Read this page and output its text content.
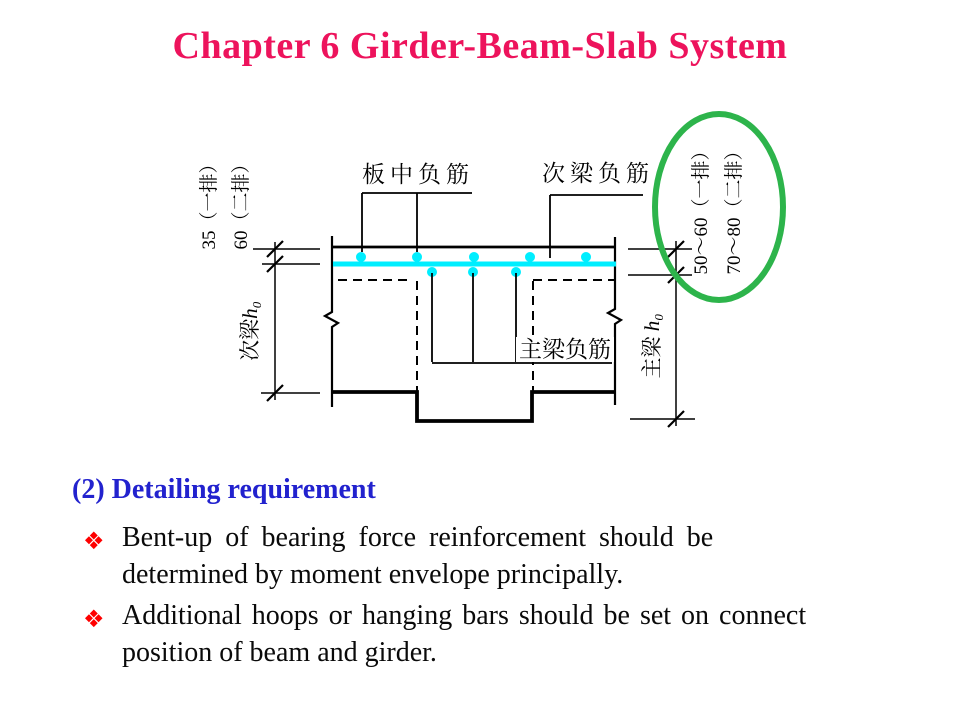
Chapter 6 Girder-Beam-Slab System
板中负筋	次梁负筋
主梁负筋
35（一排） 60（二排）	50～60（一排） 70～80（二排）
次梁h₀
主梁 h₀
(2) Detailing requirement
❖ Bent-up of bearing force reinforcement should be
determined by moment envelope principally.
❖ Additional hoops or hanging bars should be set on connect
position of beam and girder.
